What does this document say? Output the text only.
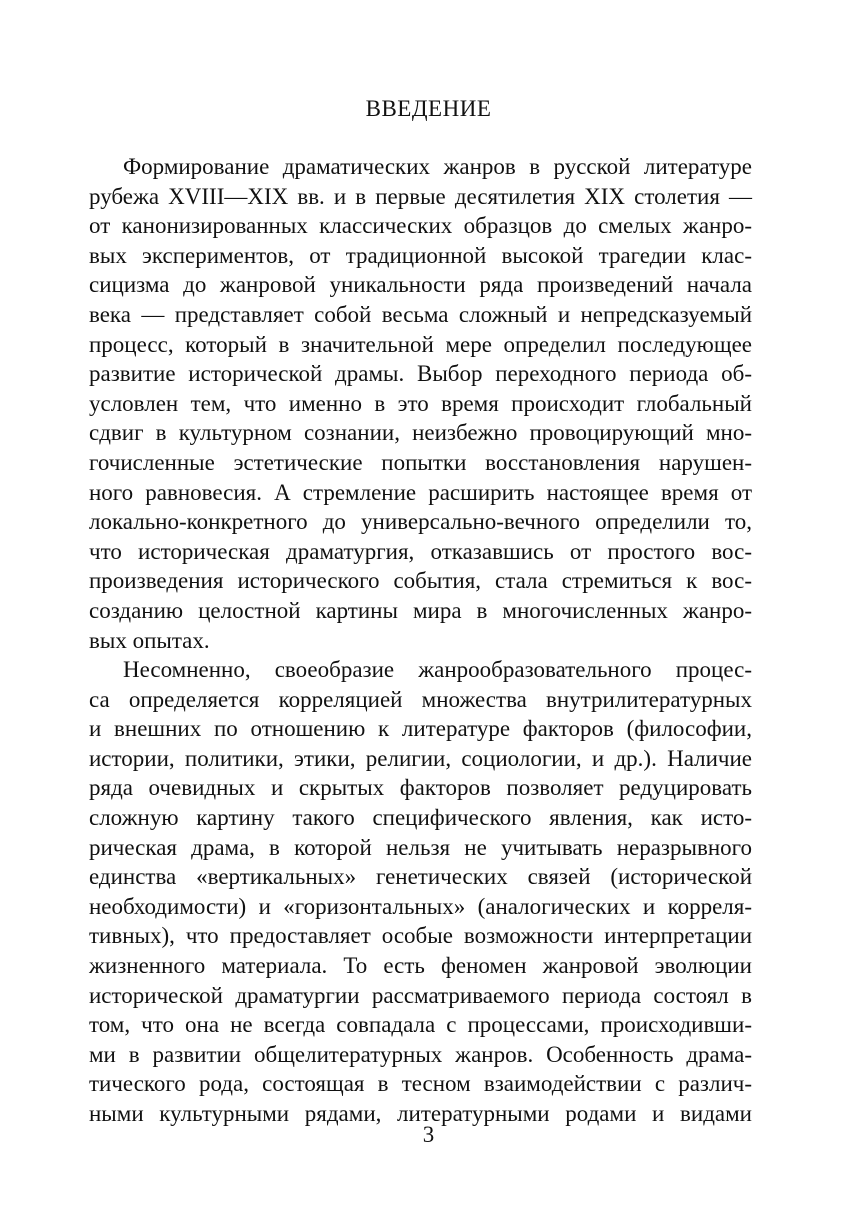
ВВЕДЕНИЕ
Формирование драматических жанров в русской литературе
рубежа XVIII—XIX вв. и в первые десятилетия XIX столетия —
от канонизированных классических образцов до смелых жанро-
вых экспериментов, от традиционной высокой трагедии клас-
сицизма до жанровой уникальности ряда произведений начала
века — представляет собой весьма сложный и непредсказуемый
процесс, который в значительной мере определил последующее
развитие исторической драмы. Выбор переходного периода об-
условлен тем, что именно в это время происходит глобальный
сдвиг в культурном сознании, неизбежно провоцирующий мно-
гочисленные эстетические попытки восстановления нарушен-
ного равновесия. А стремление расширить настоящее время от
локально-конкретного до универсально-вечного определили то,
что историческая драматургия, отказавшись от простого вос-
произведения исторического события, стала стремиться к вос-
созданию целостной картины мира в многочисленных жанро-
вых опытах.
Несомненно, своеобразие жанрообразовательного процес-
са определяется корреляцией множества внутрилитературных
и внешних по отношению к литературе факторов (философии,
истории, политики, этики, религии, социологии, и др.). Наличие
ряда очевидных и скрытых факторов позволяет редуцировать
сложную картину такого специфического явления, как исто-
рическая драма, в которой нельзя не учитывать неразрывного
единства «вертикальных» генетических связей (исторической
необходимости) и «горизонтальных» (аналогических и корреля-
тивных), что предоставляет особые возможности интерпретации
жизненного материала. То есть феномен жанровой эволюции
исторической драматургии рассматриваемого периода состоял в
том, что она не всегда совпадала с процессами, происходивши-
ми в развитии общелитературных жанров. Особенность драма-
тического рода, состоящая в тесном взаимодействии с различ-
ными культурными рядами, литературными родами и видами
3
